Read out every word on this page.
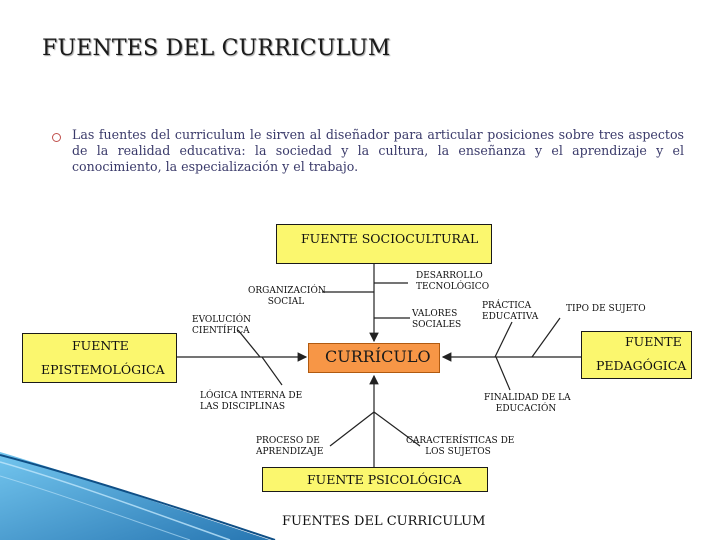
FUENTES DEL CURRICULUM
Las fuentes del curriculum le sirven al diseñador para articular posiciones sobre tres aspectos de la realidad educativa: la sociedad y la cultura, la enseñanza y el aprendizaje y el conocimiento, la especialización y el trabajo.
FUENTE SOCIOCULTURAL
FUENTE
EPISTEMOLÓGICA
FUENTE
PEDAGÓGICA
FUENTE PSICOLÓGICA
CURRÍCULO
ORGANIZACIÓN
SOCIAL
DESARROLLO
TECNOLÓGICO
VALORES
SOCIALES
EVOLUCIÓN
CIENTÍFICA
LÓGICA INTERNA DE
LAS DISCIPLINAS
PRÁCTICA
EDUCATIVA
TIPO DE SUJETO
FINALIDAD DE LA
EDUCACIÓN
PROCESO DE
APRENDIZAJE
CARACTERÍSTICAS DE
LOS SUJETOS
FUENTES DEL CURRICULUM
